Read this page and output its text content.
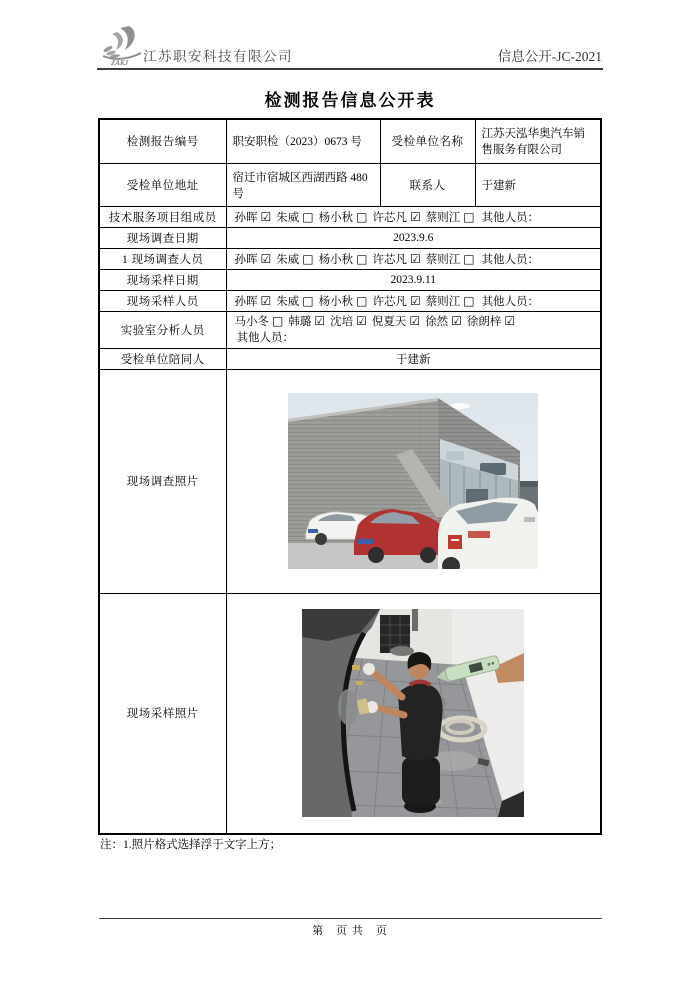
ZAKJ 江苏职安科技有限公司	信息公开-JC-2021
检测报告信息公开表
检测报告编号	职安职检（2023）0673 号	受检单位名称	江苏天泓华奥汽车销售服务有限公司
受检单位地址	宿迁市宿城区西湖西路 480号	联系人	于建新
技术服务项目组成员	孙晖 ☑ 朱威 □ 杨小秋 □ 许芯凡 ☑ 蔡则江 □ 其他人员：		
现场调查日期	2023.9.6		
1 现场调查人员	孙晖 ☑ 朱威 □ 杨小秋 □ 许芯凡 ☑ 蔡则江 □ 其他人员：		
现场采样日期	2023.9.11		
现场采样人员	孙晖 ☑ 朱威 □ 杨小秋 □ 许芯凡 ☑ 蔡则江 □ 其他人员：		
实验室分析人员	马小冬 □ 韩璐 ☑ 沈培 ☑ 倪夏天 ☑ 徐然 ☑ 徐朗梓 ☑
其他人员：		

受检单位陪同人	于建新		
现场调查照片	
现场采样照片	
注：1.照片格式选择浮于文字上方；
第　页 共　页
